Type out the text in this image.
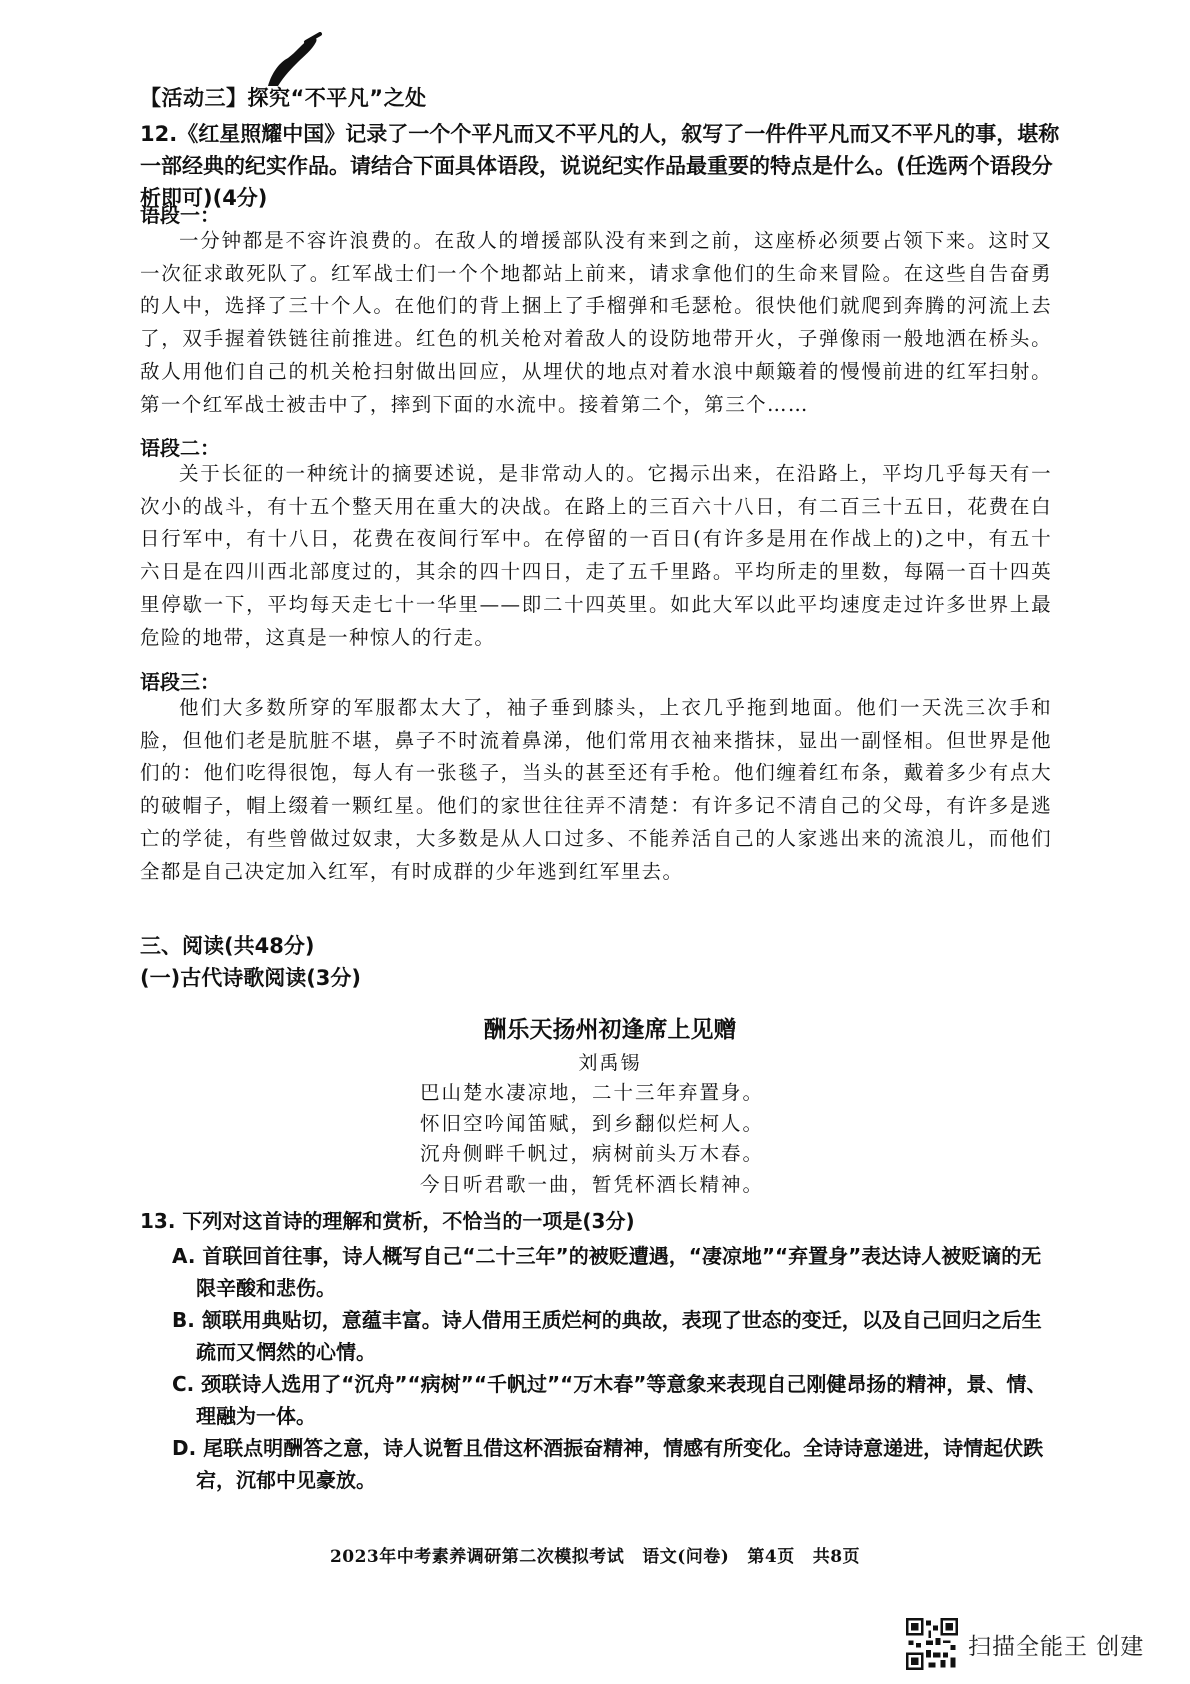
【活动三】探究“不平凡”之处
12.《红星照耀中国》记录了一个个平凡而又不平凡的人，叙写了一件件平凡而又不平凡的事，堪称一部经典的纪实作品。请结合下面具体语段，说说纪实作品最重要的特点是什么。(任选两个语段分析即可)(4分)
语段一：
一分钟都是不容许浪费的。在敌人的增援部队没有来到之前，这座桥必须要占领下来。这时又一次征求敢死队了。红军战士们一个个地都站上前来，请求拿他们的生命来冒险。在这些自告奋勇的人中，选择了三十个人。在他们的背上捆上了手榴弹和毛瑟枪。很快他们就爬到奔腾的河流上去了，双手握着铁链往前推进。红色的机关枪对着敌人的设防地带开火，子弹像雨一般地洒在桥头。敌人用他们自己的机关枪扫射做出回应，从埋伏的地点对着水浪中颠簸着的慢慢前进的红军扫射。第一个红军战士被击中了，摔到下面的水流中。接着第二个，第三个……
语段二：
关于长征的一种统计的摘要述说，是非常动人的。它揭示出来，在沿路上，平均几乎每天有一次小的战斗，有十五个整天用在重大的决战。在路上的三百六十八日，有二百三十五日，花费在白日行军中，有十八日，花费在夜间行军中。在停留的一百日(有许多是用在作战上的)之中，有五十六日是在四川西北部度过的，其余的四十四日，走了五千里路。平均所走的里数，每隔一百十四英里停歇一下，平均每天走七十一华里——即二十四英里。如此大军以此平均速度走过许多世界上最危险的地带，这真是一种惊人的行走。
语段三：
他们大多数所穿的军服都太大了，袖子垂到膝头，上衣几乎拖到地面。他们一天洗三次手和脸，但他们老是肮脏不堪，鼻子不时流着鼻涕，他们常用衣袖来揩抹，显出一副怪相。但世界是他们的：他们吃得很饱，每人有一张毯子，当头的甚至还有手枪。他们缠着红布条，戴着多少有点大的破帽子，帽上缀着一颗红星。他们的家世往往弄不清楚：有许多记不清自己的父母，有许多是逃亡的学徒，有些曾做过奴隶，大多数是从人口过多、不能养活自己的人家逃出来的流浪儿，而他们全都是自己决定加入红军，有时成群的少年逃到红军里去。
三、阅读(共48分)
(一)古代诗歌阅读(3分)
酬乐天扬州初逢席上见赠
刘禹锡
巴山楚水凄凉地，二十三年弃置身。
怀旧空吟闻笛赋，到乡翻似烂柯人。
沉舟侧畔千帆过，病树前头万木春。
今日听君歌一曲，暂凭杯酒长精神。
13. 下列对这首诗的理解和赏析，不恰当的一项是(3分)
A. 首联回首往事，诗人概写自己“二十三年”的被贬遭遇，“凄凉地”“弃置身”表达诗人被贬谪的无限辛酸和悲伤。
B. 颔联用典贴切，意蕴丰富。诗人借用王质烂柯的典故，表现了世态的变迁，以及自己回归之后生疏而又惘然的心情。
C. 颈联诗人选用了“沉舟”“病树”“千帆过”“万木春”等意象来表现自己刚健昂扬的精神，景、情、理融为一体。
D. 尾联点明酬答之意，诗人说暂且借这杯酒振奋精神，情感有所变化。全诗诗意递进，诗情起伏跌宕，沉郁中见豪放。
2023年中考素养调研第二次模拟考试 语文(问卷) 第4页 共8页
扫描全能王 创建
